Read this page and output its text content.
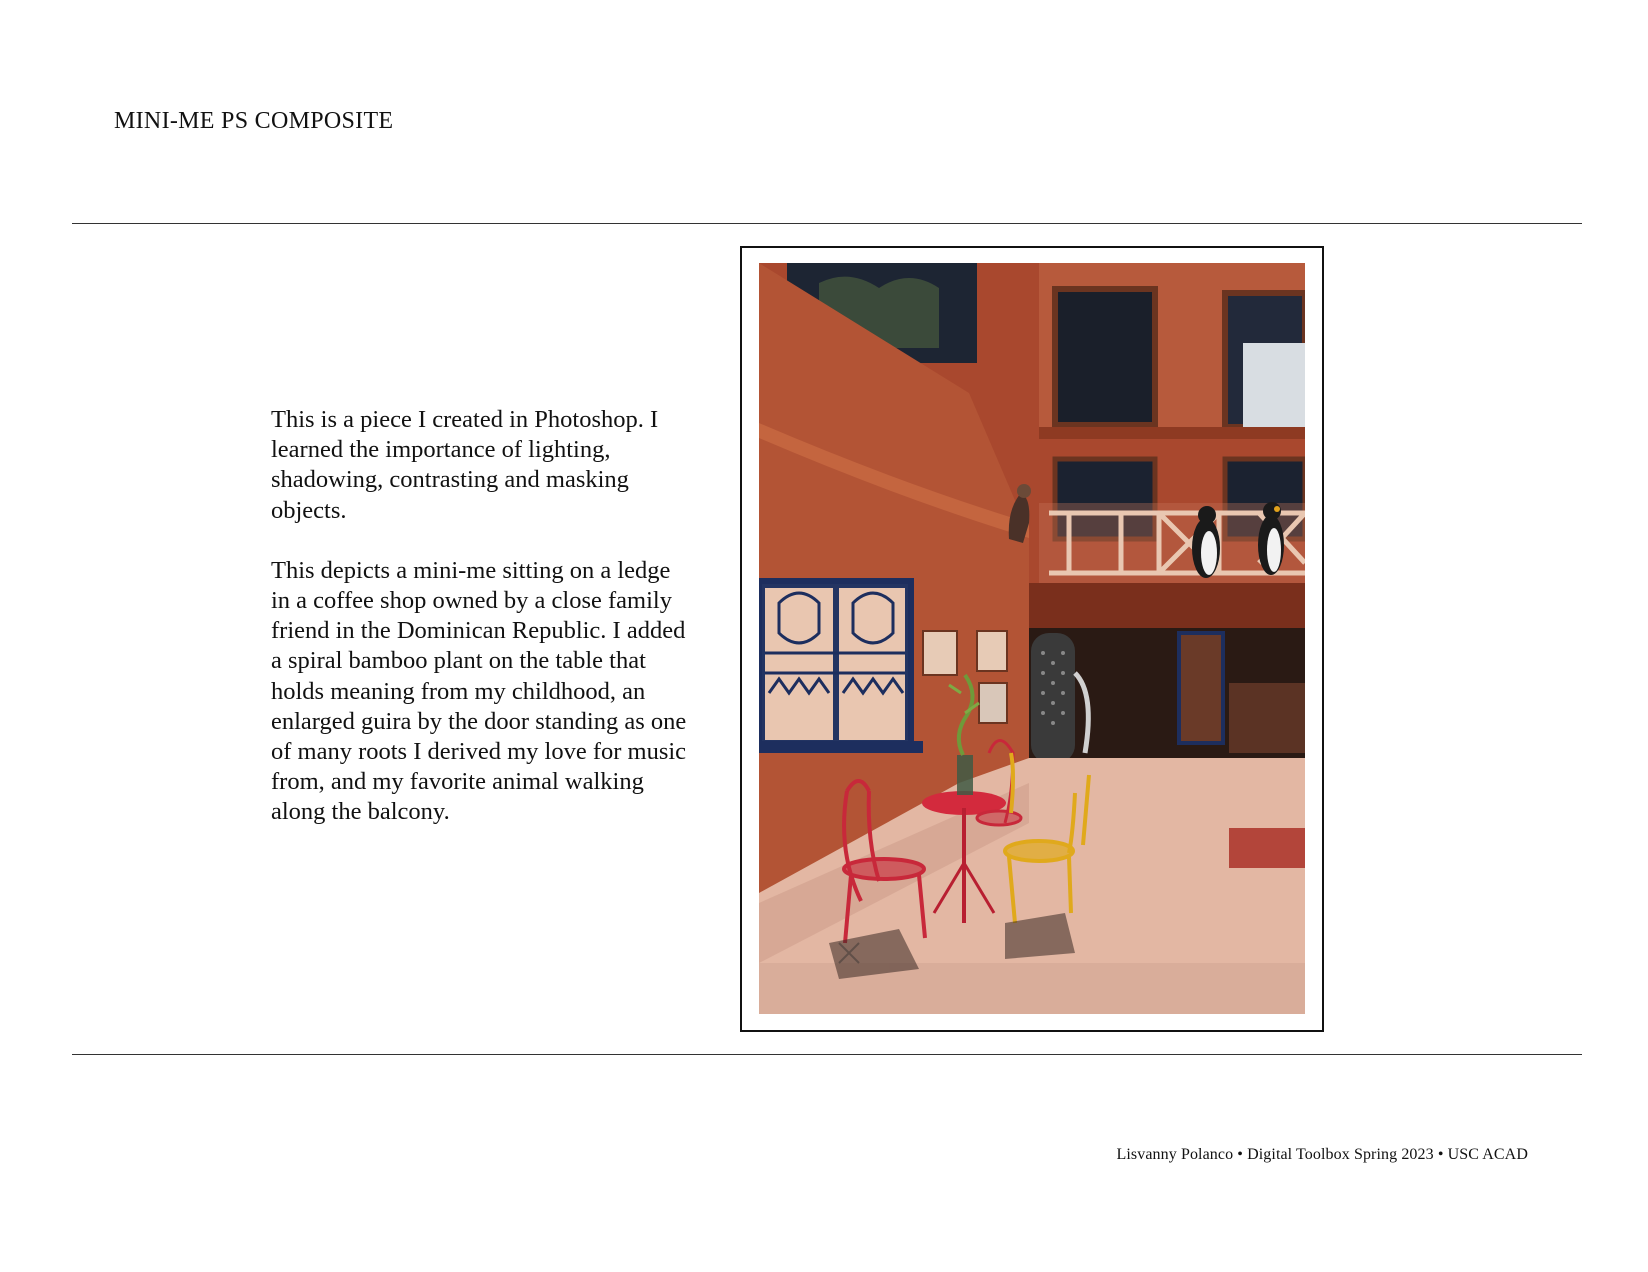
MINI-ME PS COMPOSITE

This is a piece I created in Photoshop. I learned the importance of lighting, shadowing, contrasting and masking objects.

This depicts a mini-me sitting on a ledge in a coffee shop owned by a close family friend in the Dominican Republic. I added a spiral bamboo plant on the table that holds meaning from my childhood, an enlarged guira by the door standing as one of many roots I derived my love for music from, and my favorite animal walking along the balcony.

Lisvanny Polanco • Digital Toolbox Spring 2023 • USC ACAD
